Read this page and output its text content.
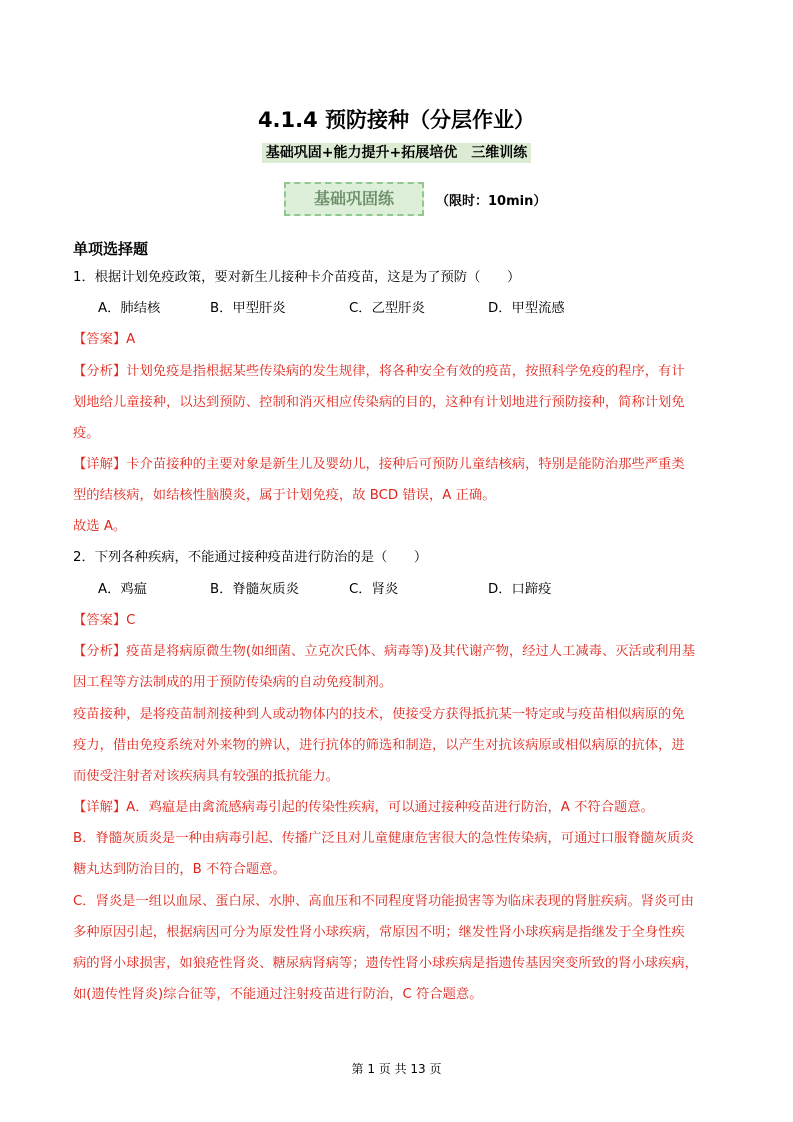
4.1.4 预防接种（分层作业）
基础巩固+能力提升+拓展培优　三维训练
基础巩固练	（限时：10min）
单项选择题
1．根据计划免疫政策，要对新生儿接种卡介苗疫苗，这是为了预防（　　）
A．肺结核	B．甲型肝炎	C．乙型肝炎	D．甲型流感
【答案】A
【分析】计划免疫是指根据某些传染病的发生规律，将各种安全有效的疫苗，按照科学免疫的程序，有计
划地给儿童接种，以达到预防、控制和消灭相应传染病的目的，这种有计划地进行预防接种，简称计划免
疫。
【详解】卡介苗接种的主要对象是新生儿及婴幼儿，接种后可预防儿童结核病，特别是能防治那些严重类
型的结核病，如结核性脑膜炎，属于计划免疫，故 BCD 错误，A 正确。
故选 A。
2．下列各种疾病，不能通过接种疫苗进行防治的是（　　）
A．鸡瘟	B．脊髓灰质炎	C．肾炎	D．口蹄疫
【答案】C
【分析】疫苗是将病原微生物(如细菌、立克次氏体、病毒等)及其代谢产物，经过人工减毒、灭活或利用基
因工程等方法制成的用于预防传染病的自动免疫制剂。
疫苗接种，是将疫苗制剂接种到人或动物体内的技术，使接受方获得抵抗某一特定或与疫苗相似病原的免
疫力，借由免疫系统对外来物的辨认，进行抗体的筛选和制造，以产生对抗该病原或相似病原的抗体，进
而使受注射者对该疾病具有较强的抵抗能力。
【详解】A．鸡瘟是由禽流感病毒引起的传染性疾病，可以通过接种疫苗进行防治，A 不符合题意。
B．脊髓灰质炎是一种由病毒引起、传播广泛且对儿童健康危害很大的急性传染病，可通过口服脊髓灰质炎
糖丸达到防治目的，B 不符合题意。
C．肾炎是一组以血尿、蛋白尿、水肿、高血压和不同程度肾功能损害等为临床表现的肾脏疾病。肾炎可由
多种原因引起，根据病因可分为原发性肾小球疾病，常原因不明；继发性肾小球疾病是指继发于全身性疾
病的肾小球损害，如狼疮性肾炎、糖尿病肾病等；遗传性肾小球疾病是指遗传基因突变所致的肾小球疾病，
如(遗传性肾炎)综合征等，不能通过注射疫苗进行防治，C 符合题意。
第 1 页 共 13 页
